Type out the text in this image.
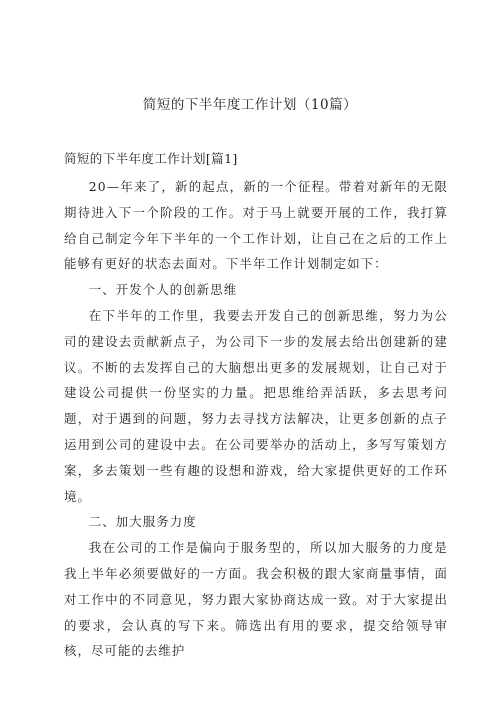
简短的下半年度工作计划（10篇）
简短的下半年度工作计划[篇1]

20—年来了，新的起点，新的一个征程。带着对新年的无限期待进入下一个阶段的工作。对于马上就要开展的工作，我打算给自己制定今年下半年的一个工作计划，让自己在之后的工作上能够有更好的状态去面对。下半年工作计划制定如下：

一、开发个人的创新思维

在下半年的工作里，我要去开发自己的创新思维，努力为公司的建设去贡献新点子，为公司下一步的发展去给出创建新的建议。不断的去发挥自己的大脑想出更多的发展规划，让自己对于建设公司提供一份坚实的力量。把思维给弄活跃，多去思考问题，对于遇到的问题，努力去寻找方法解决，让更多创新的点子运用到公司的建设中去。在公司要举办的活动上，多写写策划方案，多去策划一些有趣的设想和游戏，给大家提供更好的工作环境。

二、加大服务力度

我在公司的工作是偏向于服务型的，所以加大服务的力度是我上半年必须要做好的一方面。我会积极的跟大家商量事情，面对工作中的不同意见，努力跟大家协商达成一致。对于大家提出的要求，会认真的写下来。筛选出有用的要求，提交给领导审核，尽可能的去维护
